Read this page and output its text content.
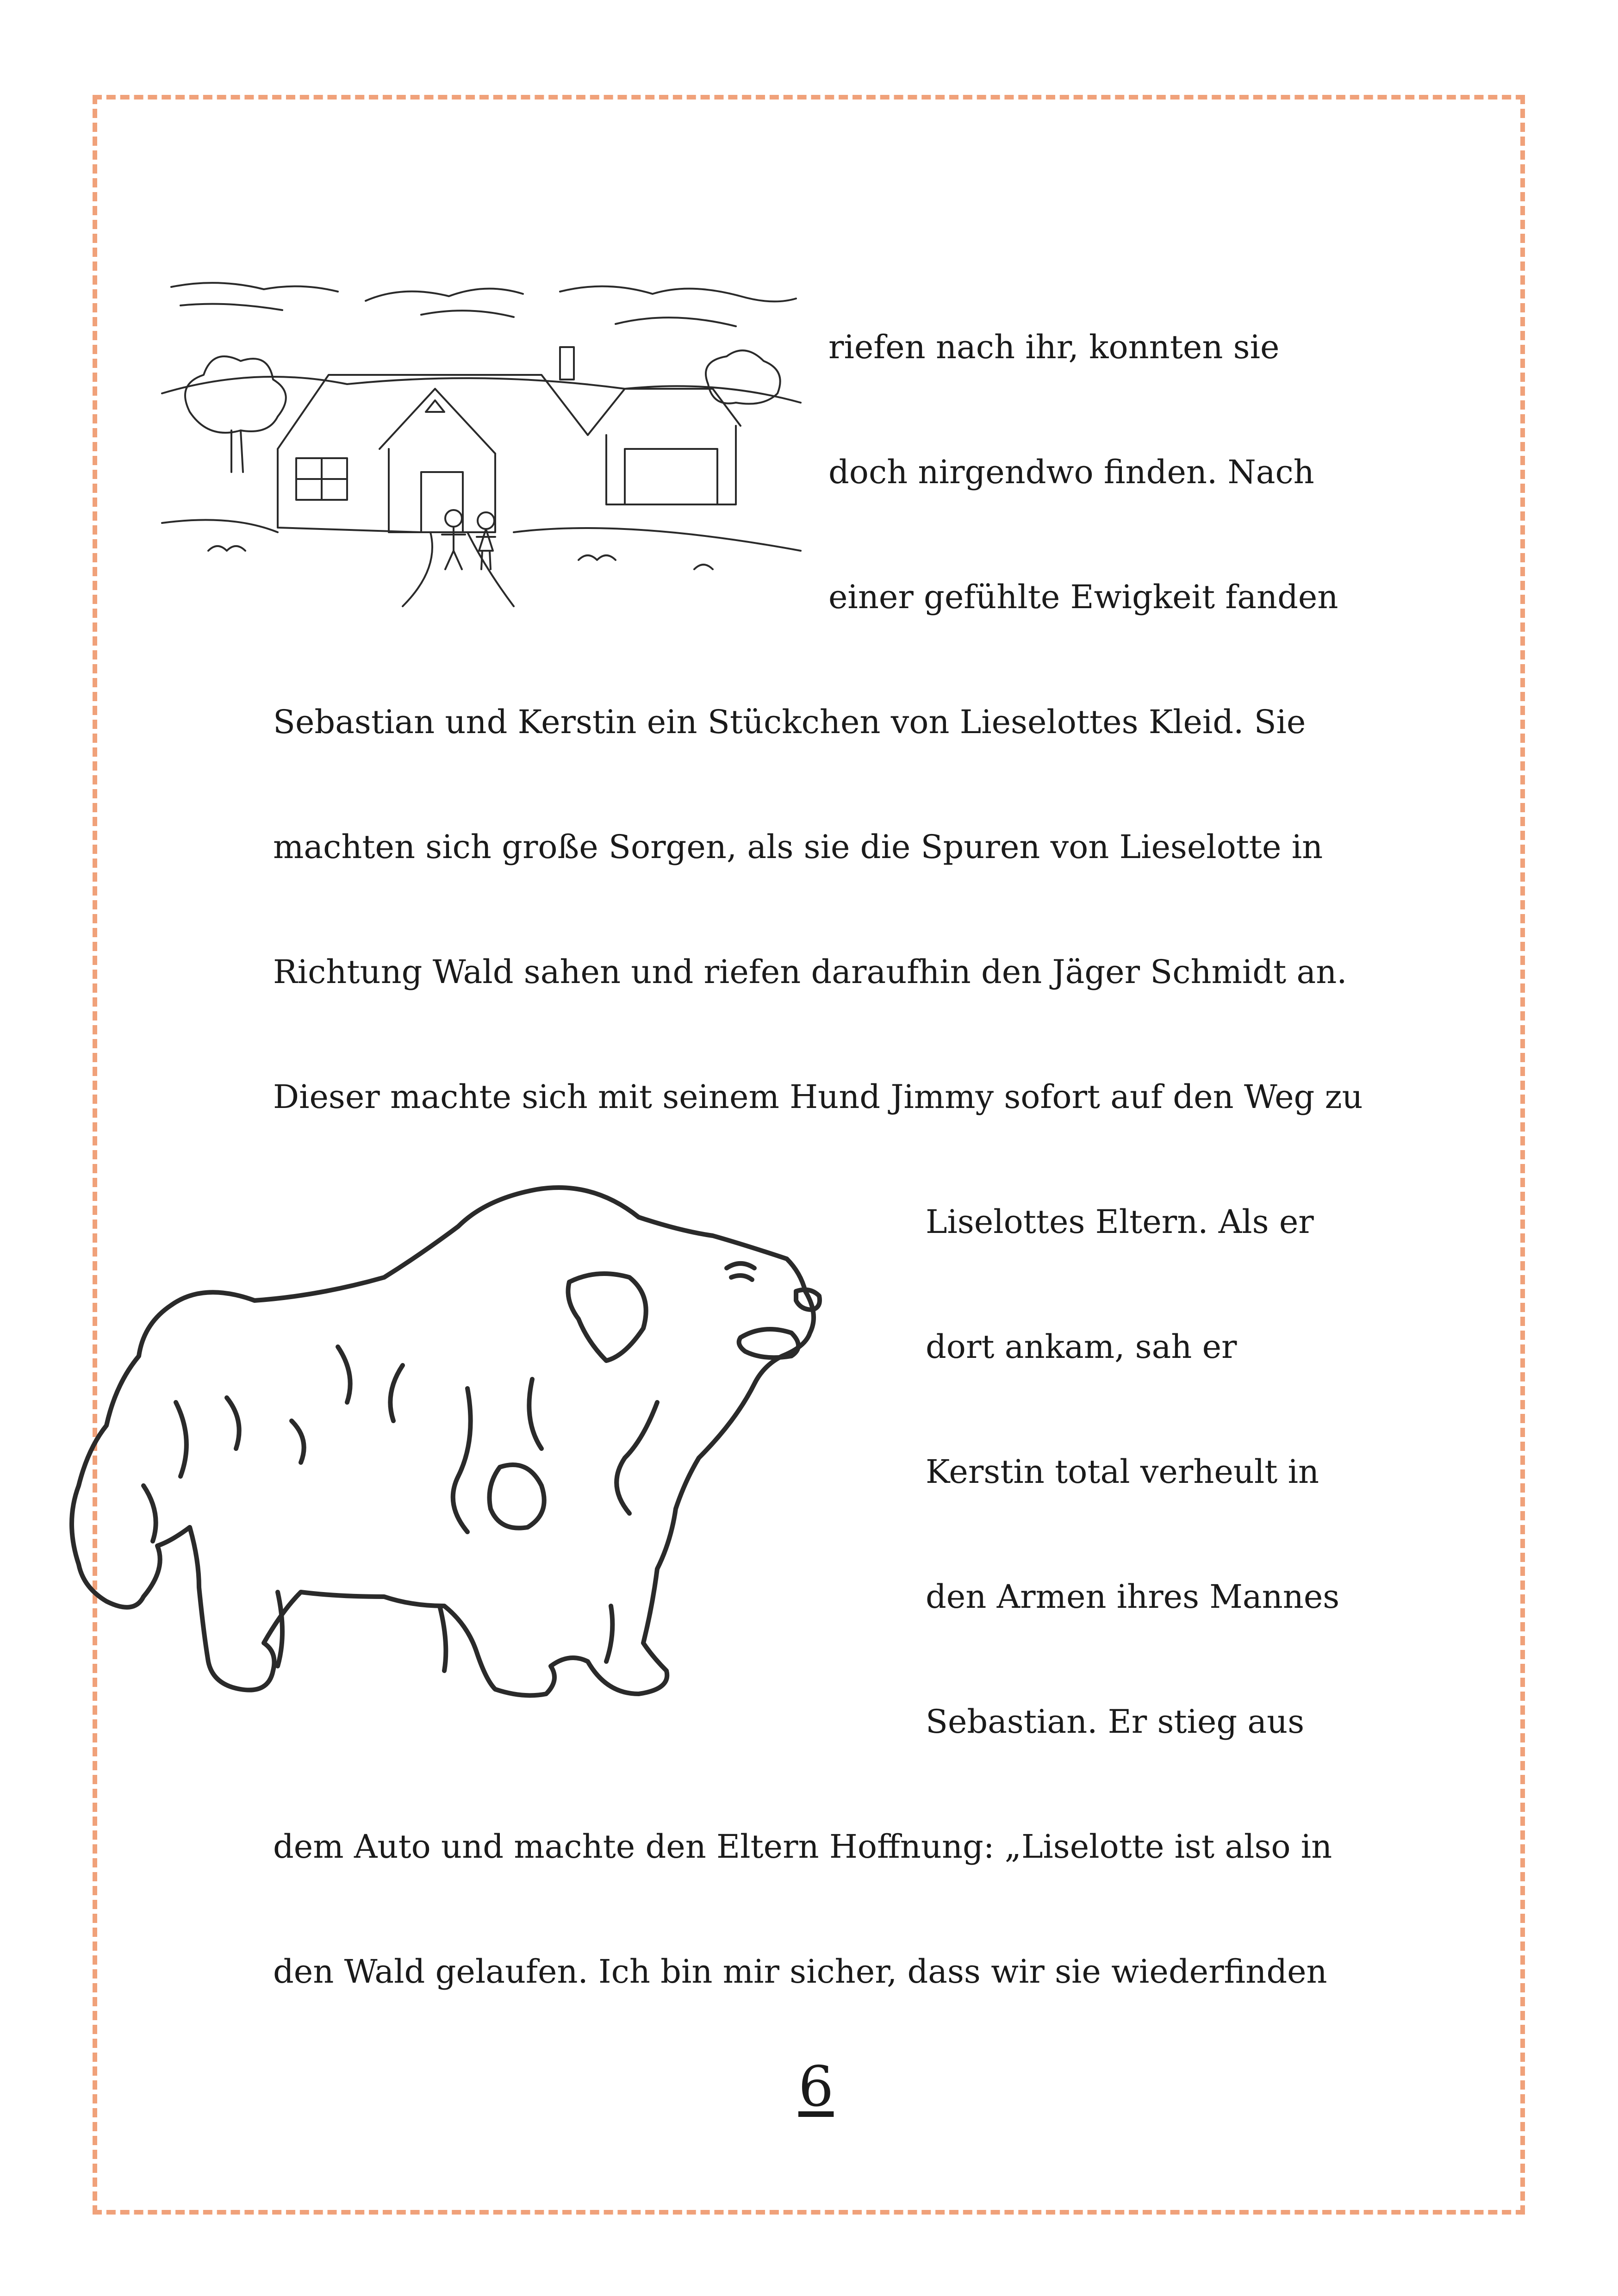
riefen nach ihr, konnten sie
doch nirgendwo finden. Nach
einer gefühlte Ewigkeit fanden
Sebastian und Kerstin ein Stückchen von Lieselottes Kleid. Sie
machten sich große Sorgen, als sie die Spuren von Lieselotte in
Richtung Wald sahen und riefen daraufhin den Jäger Schmidt an.
Dieser machte sich mit seinem Hund Jimmy sofort auf den Weg zu
Liselottes Eltern. Als er
dort ankam, sah er
Kerstin total verheult in
den Armen ihres Mannes
Sebastian. Er stieg aus
dem Auto und machte den Eltern Hoffnung: „Liselotte ist also in
den Wald gelaufen. Ich bin mir sicher, dass wir sie wiederfinden
6
